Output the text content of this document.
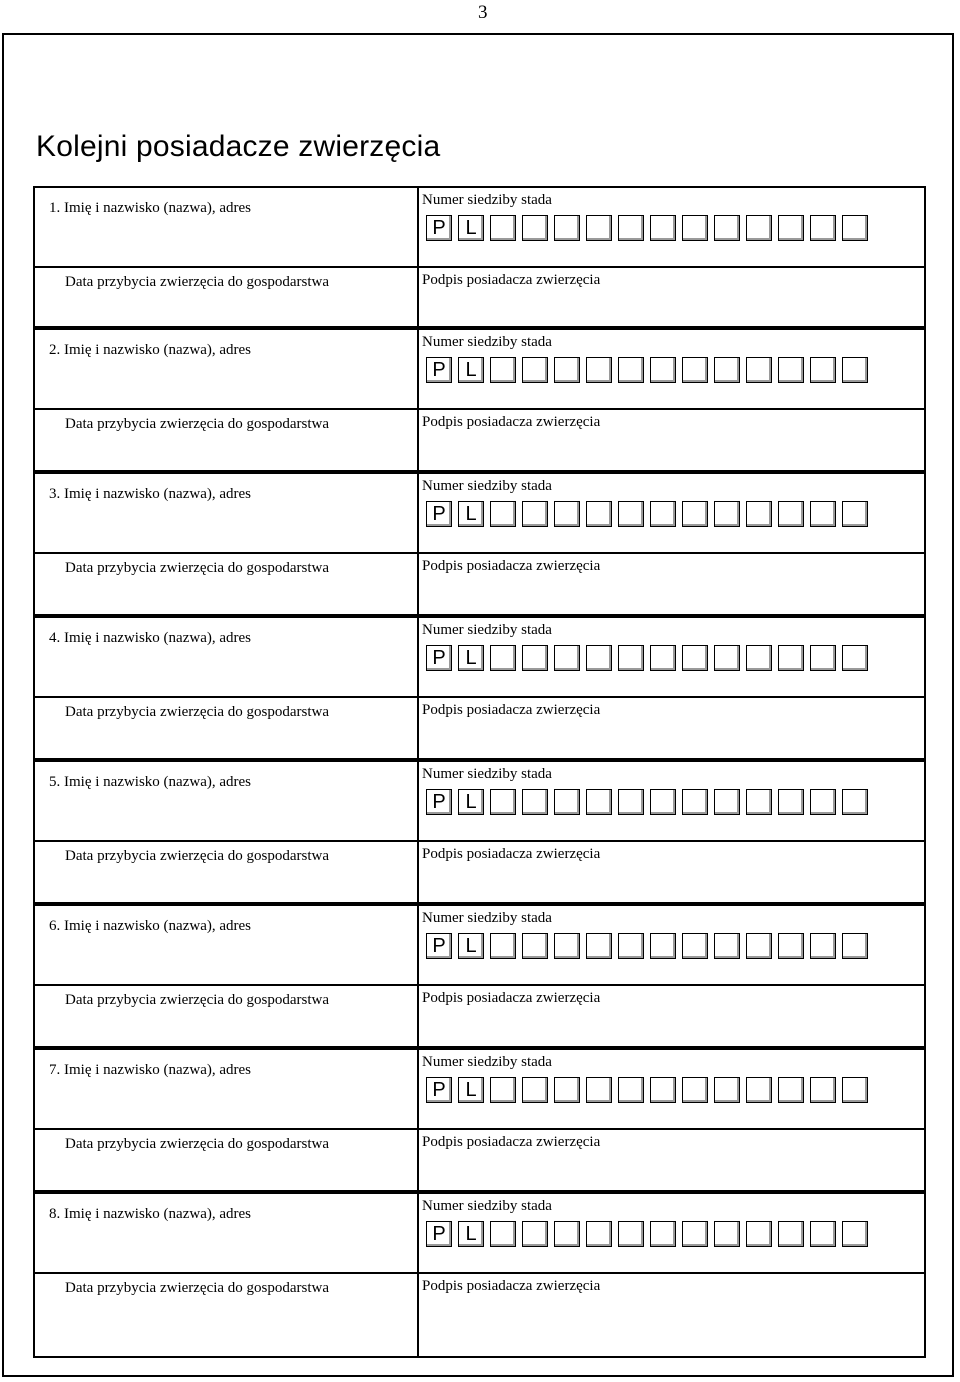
3
Kolejni posiadacze zwierzęcia
1. Imię i nazwisko (nazwa), adres
Data przybycia zwierzęcia do gospodarstwa
Numer siedziby stada
Podpis posiadacza zwierzęcia
P L
2. Imię i nazwisko (nazwa), adres
Data przybycia zwierzęcia do gospodarstwa
Numer siedziby stada
Podpis posiadacza zwierzęcia
P L
3. Imię i nazwisko (nazwa), adres
Data przybycia zwierzęcia do gospodarstwa
Numer siedziby stada
Podpis posiadacza zwierzęcia
P L
4. Imię i nazwisko (nazwa), adres
Data przybycia zwierzęcia do gospodarstwa
Numer siedziby stada
Podpis posiadacza zwierzęcia
P L
5. Imię i nazwisko (nazwa), adres
Data przybycia zwierzęcia do gospodarstwa
Numer siedziby stada
Podpis posiadacza zwierzęcia
P L
6. Imię i nazwisko (nazwa), adres
Data przybycia zwierzęcia do gospodarstwa
Numer siedziby stada
Podpis posiadacza zwierzęcia
P L
7. Imię i nazwisko (nazwa), adres
Data przybycia zwierzęcia do gospodarstwa
Numer siedziby stada
Podpis posiadacza zwierzęcia
P L
8. Imię i nazwisko (nazwa), adres
Data przybycia zwierzęcia do gospodarstwa
Numer siedziby stada
Podpis posiadacza zwierzęcia
P L
